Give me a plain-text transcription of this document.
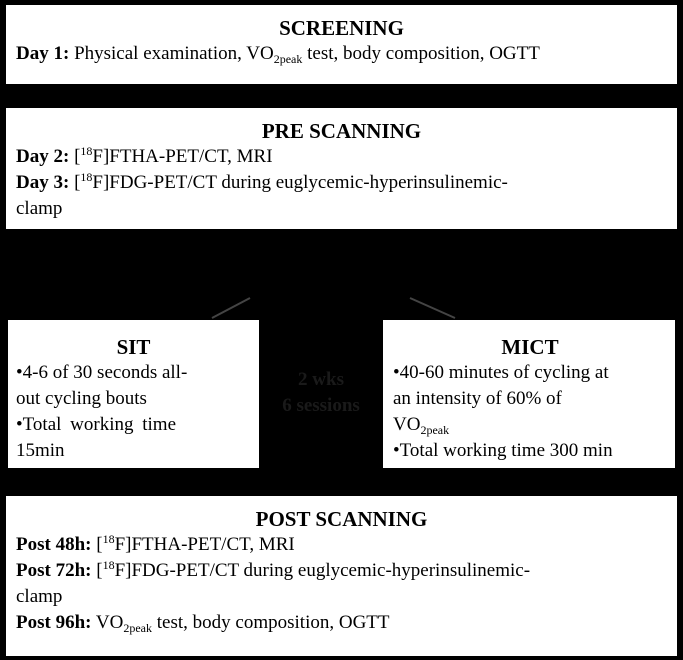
SCREENING
Day 1: Physical examination, $VO_{2peak}$ test, body composition, OGTT
PRE SCANNING
Day 2: [$^{18}$F]FTHA-PET/CT, MRI
Day 3: [$^{18}$F]FDG-PET/CT during euglycemic-hyperinsulinemic-
clamp
SIT
•4-6 of 30 seconds all-
out cycling bouts
•Total working time
15min
2 wks
6 sessions
MICT
•40-60 minutes of cycling at
an intensity of 60% of
$VO_{2peak}$
•Total working time 300 min
POST SCANNING
Post 48h: [$^{18}$F]FTHA-PET/CT, MRI
Post 72h: [$^{18}$F]FDG-PET/CT during euglycemic-hyperinsulinemic-
clamp
Post 96h: $VO_{2peak}$ test, body composition, OGTT
